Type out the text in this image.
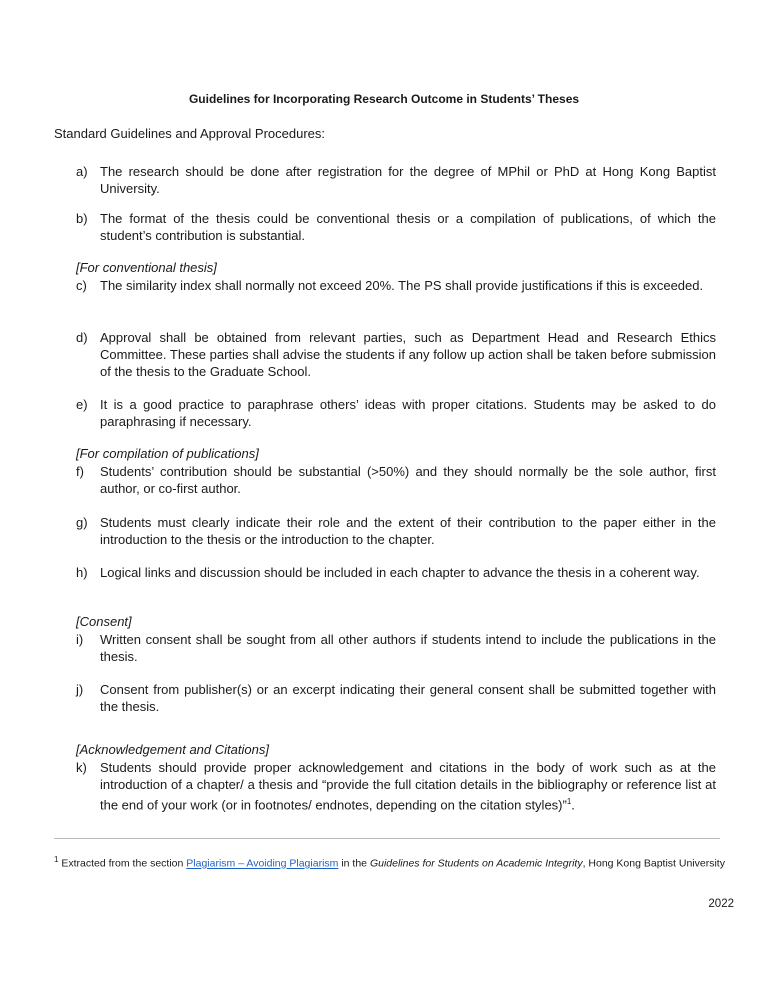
Guidelines for Incorporating Research Outcome in Students’ Theses
Standard Guidelines and Approval Procedures:
a) The research should be done after registration for the degree of MPhil or PhD at Hong Kong Baptist University.
b) The format of the thesis could be conventional thesis or a compilation of publications, of which the student’s contribution is substantial.
[For conventional thesis]
c)	The similarity index shall normally not exceed 20%. The PS shall provide justifications if this is exceeded.
d) Approval shall be obtained from relevant parties, such as Department Head and Research Ethics Committee. These parties shall advise the students if any follow up action shall be taken before submission of the thesis to the Graduate School.
e) It is a good practice to paraphrase others’ ideas with proper citations. Students may be asked to do paraphrasing if necessary.
[For compilation of publications]
f)	Students’ contribution should be substantial (>50%) and they should normally be the sole author, first author, or co-first author.
g) Students must clearly indicate their role and the extent of their contribution to the paper either in the introduction to the thesis or the introduction to the chapter.
h) Logical links and discussion should be included in each chapter to advance the thesis in a coherent way.
[Consent]
i)	Written consent shall be sought from all other authors if students intend to include the publications in the thesis.
j)	Consent from publisher(s) or an excerpt indicating their general consent shall be submitted together with the thesis.
[Acknowledgement and Citations]
k)	Students should provide proper acknowledgement and citations in the body of work such as at the introduction of a chapter/ a thesis and “provide the full citation details in the bibliography or reference list at the end of your work (or in footnotes/ endnotes, depending on the citation styles)”$^1$.
$^1$ Extracted from the section Plagiarism – Avoiding Plagiarism in the Guidelines for Students on Academic Integrity, Hong Kong Baptist University
2022
